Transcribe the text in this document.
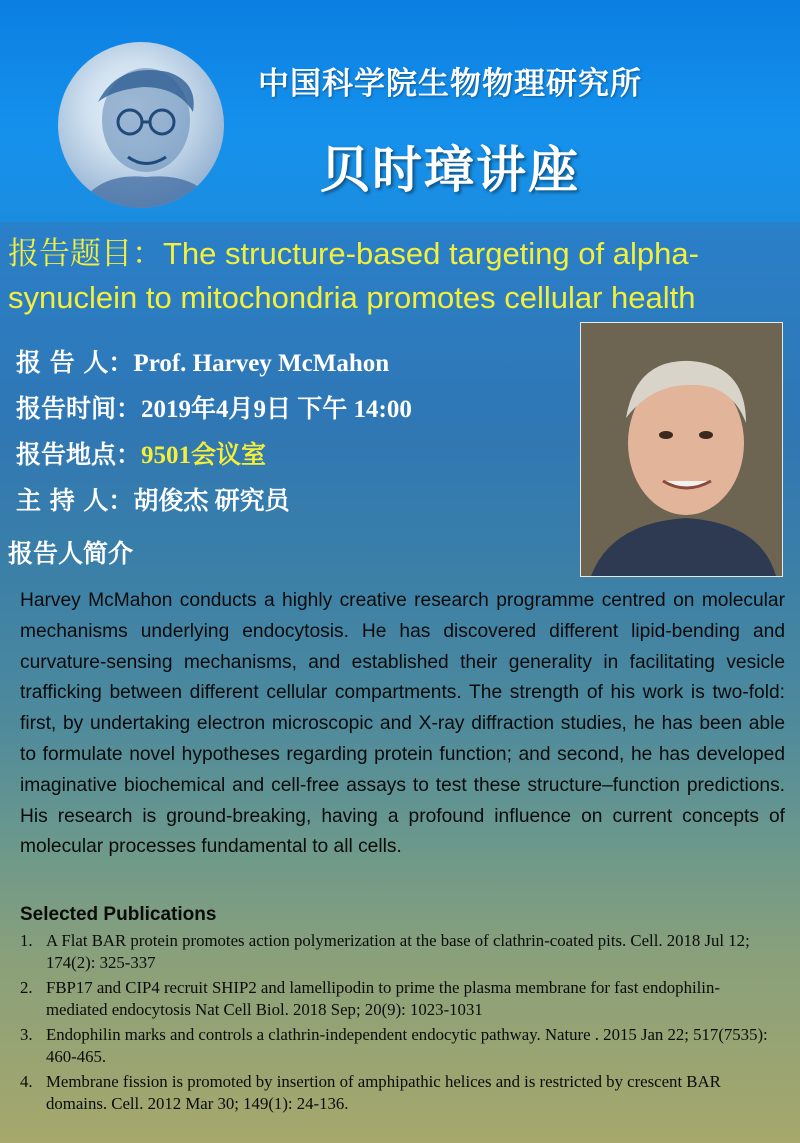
中国科学院生物物理研究所
贝时璋讲座
报告题目：The structure-based targeting of alpha-
synuclein to mitochondria promotes cellular health
报 告 人：Prof. Harvey McMahon
报告时间：2019年4月9日 下午 14:00
报告地点：9501会议室
主 持 人：胡俊杰 研究员
报告人简介
Harvey McMahon conducts a highly creative research programme centred on molecular mechanisms underlying endocytosis. He has discovered different lipid-bending and curvature-sensing mechanisms, and established their generality in facilitating vesicle trafficking between different cellular compartments. The strength of his work is two-fold: first, by undertaking electron microscopic and X-ray diffraction studies, he has been able to formulate novel hypotheses regarding protein function; and second, he has developed imaginative biochemical and cell-free assays to test these structure–function predictions. His research is ground-breaking, having a profound influence on current concepts of molecular processes fundamental to all cells.
Selected Publications
1. A Flat BAR protein promotes action polymerization at the base of clathrin-coated pits. Cell. 2018 Jul 12; 174(2): 325-337
2. FBP17 and CIP4 recruit SHIP2 and lamellipodin to prime the plasma membrane for fast endophilin-mediated endocytosis Nat Cell Biol. 2018 Sep; 20(9): 1023-1031
3. Endophilin marks and controls a clathrin-independent endocytic pathway. Nature . 2015 Jan 22; 517(7535): 460-465.
4. Membrane fission is promoted by insertion of amphipathic helices and is restricted by crescent BAR domains. Cell. 2012 Mar 30; 149(1): 24-136.
